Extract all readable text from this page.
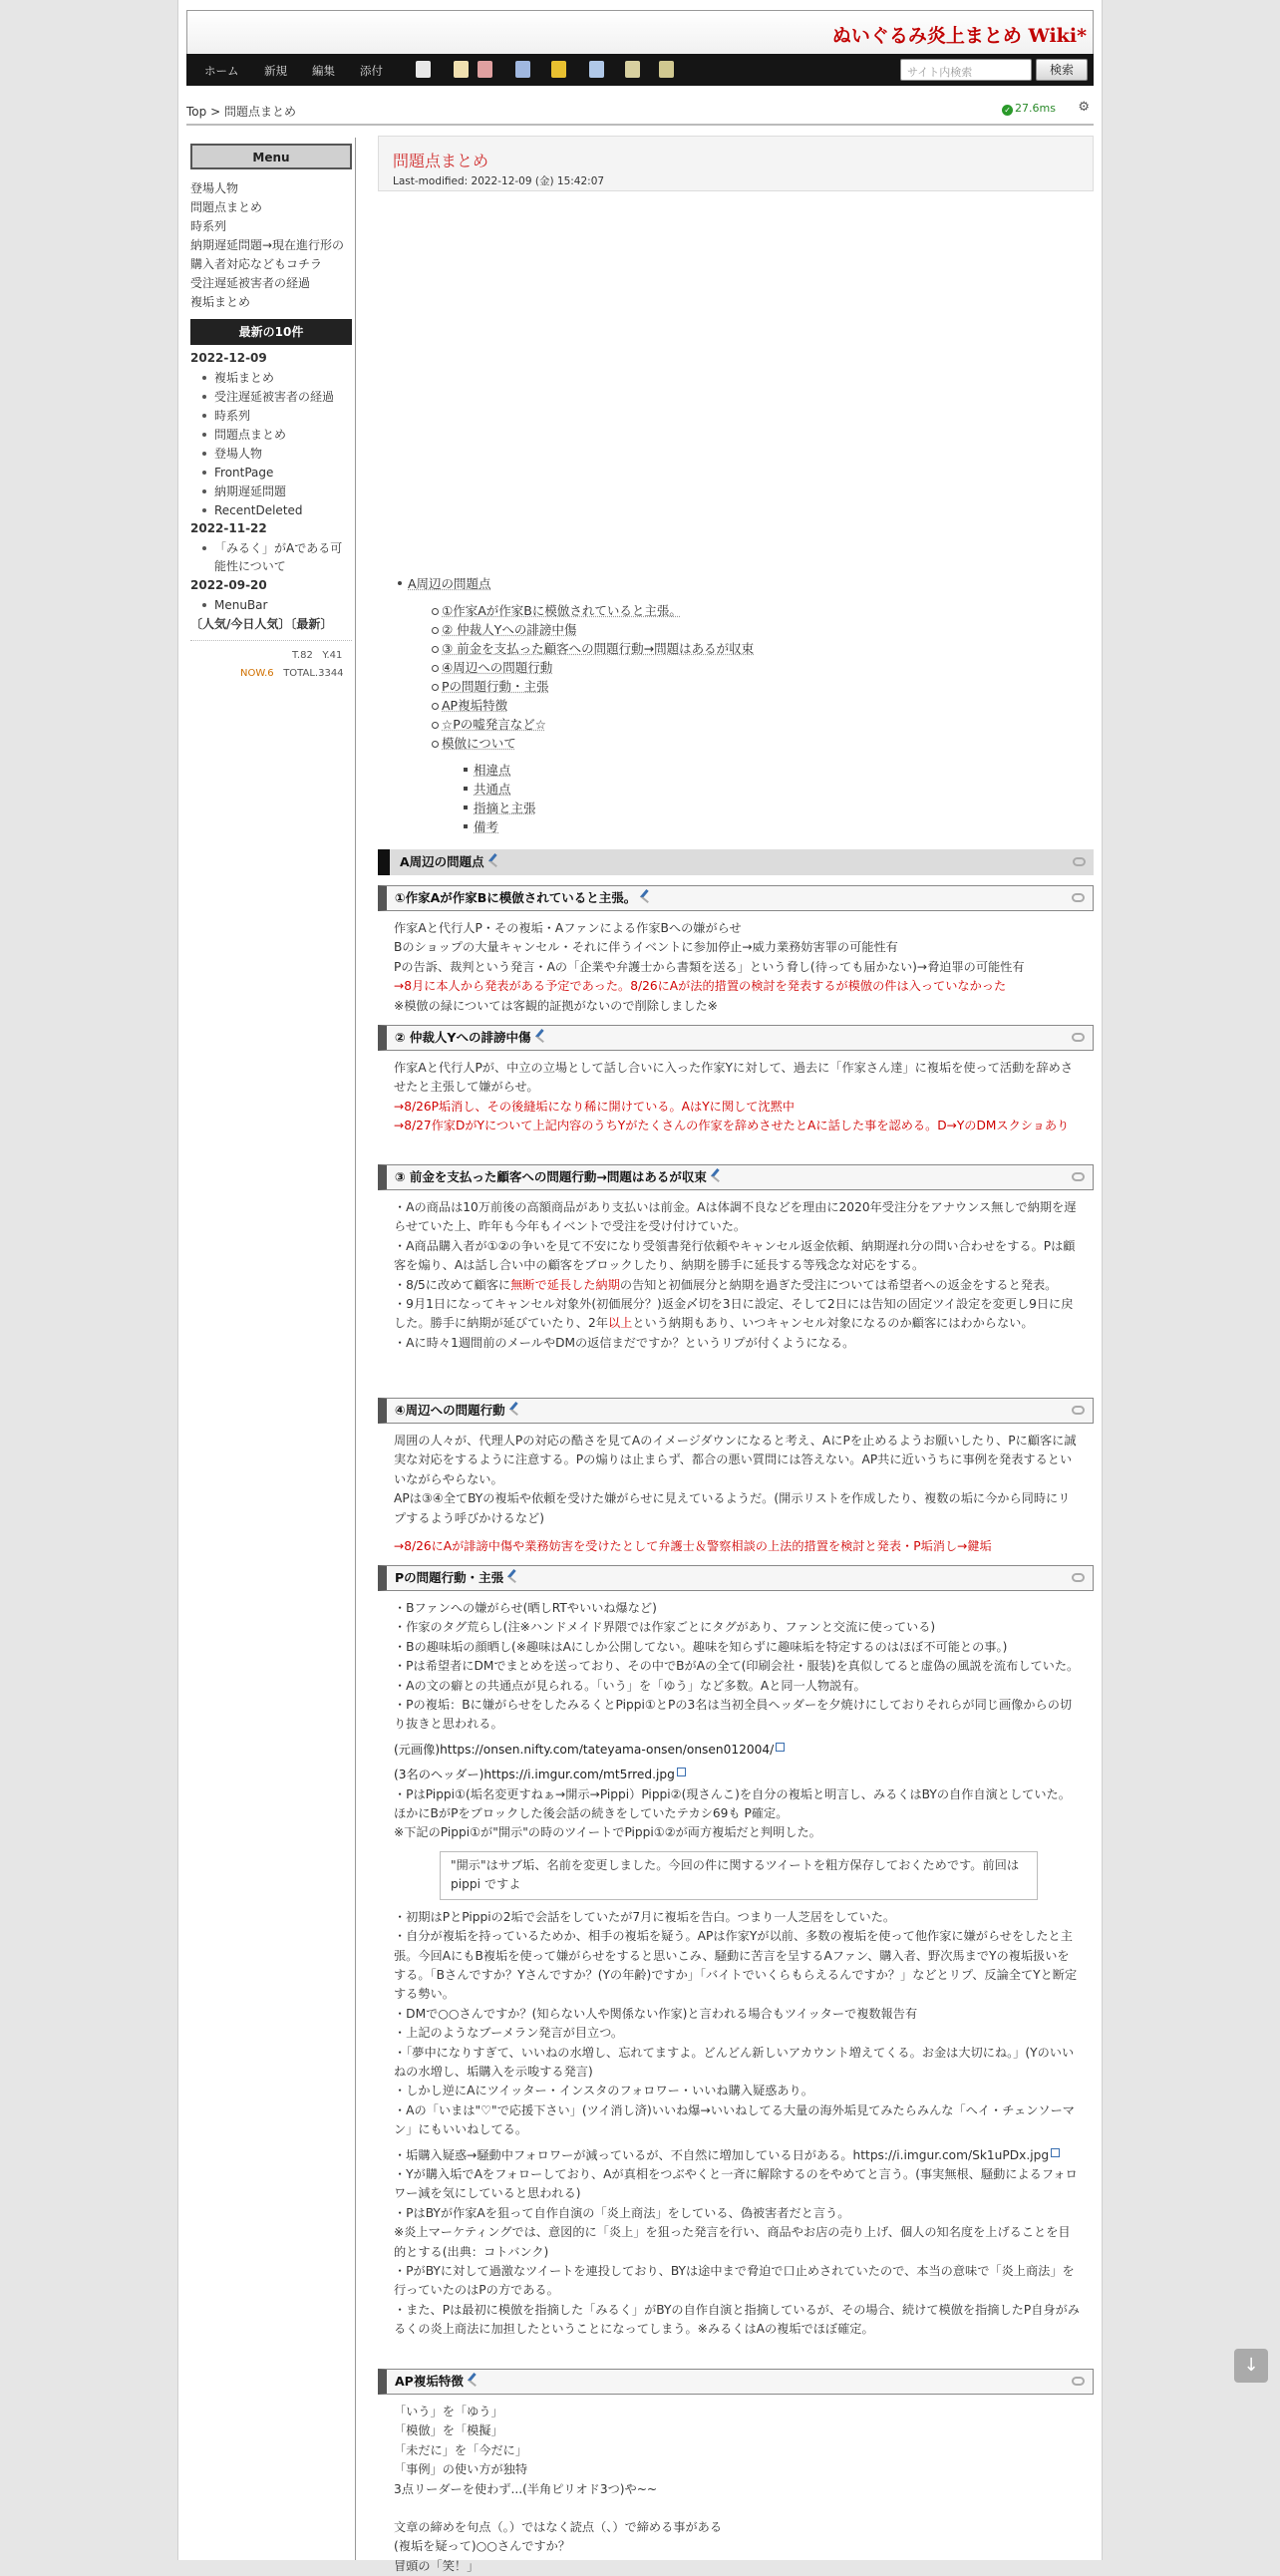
ぬいぐるみ炎上まとめ Wiki*
ホーム 新規 編集 添付	サイト内検索	検索
Top > 問題点まとめ	✓ 27.6ms ⚙
Menu
登場人物
問題点まとめ
時系列
納期遅延問題→現在進行形の購入者対応などもコチラ
受注遅延被害者の経過
複垢まとめ
最新の10件
2022-12-09
複垢まとめ
受注遅延被害者の経過
時系列
問題点まとめ
登場人物
FrontPage
納期遅延問題
RecentDeleted
2022-11-22
「みるく」がAである可能性について
2022-09-20
MenuBar
〔人気/今日人気〕〔最新〕
T.82 Y.41
NOW.6 TOTAL.3344
問題点まとめ
Last-modified: 2022-12-09 (金) 15:42:07
A周辺の問題点
①作家Aが作家Bに模倣されていると主張。
② 仲裁人Yへの誹謗中傷
③ 前金を支払った顧客への問題行動→問題はあるが収束
④周辺への問題行動
Pの問題行動・主張
AP複垢特徴
☆Pの嘘発言など☆
模倣について
相違点
共通点
指摘と主張
備考
A周辺の問題点
①作家Aが作家Bに模倣されていると主張。

作家Aと代行人P・その複垢・Aファンによる作家Bへの嫌がらせ

Bのショップの大量キャンセル・それに伴うイベントに参加停止→威力業務妨害罪の可能性有

Pの告訴、裁判という発言・Aの「企業や弁護士から書類を送る」という脅し(待っても届かない)→脅迫罪の可能性有

→8月に本人から発表がある予定であった。8/26にAが法的措置の検討を発表するが模倣の件は入っていなかった

※模倣の緑については客観的証拠がないので削除しました※

② 仲裁人Yへの誹謗中傷

作家Aと代行人Pが、中立の立場として話し合いに入った作家Yに対して、過去に「作家さん達」に複垢を使って活動を辞めさせたと主張して嫌がらせ。

→8/26P垢消し、その後縫垢になり稀に開けている。AはYに関して沈黙中

→8/27作家DがYについて上記内容のうちYがたくさんの作家を辞めさせたとAに話した事を認める。D→YのDMスクショあり

③ 前金を支払った顧客への問題行動→問題はあるが収束

・Aの商品は10万前後の高額商品があり支払いは前金。Aは体調不良などを理由に2020年受注分をアナウンス無しで納期を遅らせていた上、昨年も今年もイベントで受注を受け付けていた。

・A商品購入者が①②の争いを見て不安になり受領書発行依頼やキャンセル返金依頼、納期遅れ分の問い合わせをする。Pは顧客を煽り、Aは話し合い中の顧客をブロックしたり、納期を勝手に延長する等残念な対応をする。

・8/5に改めて顧客に無断で延長した納期の告知と初価展分と納期を過ぎた受注については希望者への返金をすると発表。

・9月1日になってキャンセル対象外(初価展分？)返金〆切を3日に設定、そして2日には告知の固定ツイ設定を変更し9日に戻した。勝手に納期が延びていたり、2年以上という納期もあり、いつキャンセル対象になるのか顧客にはわからない。

・Aに時々1週間前のメールやDMの返信まだですか？というリプが付くようになる。

④周辺への問題行動

周囲の人々が、代理人Pの対応の酷さを見てAのイメージダウンになると考え、AにPを止めるようお願いしたり、Pに顧客に誠実な対応をするように注意する。Pの煽りは止まらず、都合の悪い質問には答えない。AP共に近いうちに事例を発表するといいながらやらない。

APは③④全てBYの複垢や依頼を受けた嫌がらせに見えているようだ。(開示リストを作成したり、複数の垢に今から同時にリプするよう呼びかけるなど)

→8/26にAが誹謗中傷や業務妨害を受けたとして弁護士＆警察相談の上法的措置を検討と発表・P垢消し→鍵垢

Pの問題行動・主張

・Bファンへの嫌がらせ(晒しRTやいいね爆など)

・作家のタグ荒らし(注※ハンドメイド界隈では作家ごとにタグがあり、ファンと交流に使っている)

・Bの趣味垢の顔晒し(※趣味はAにしか公開してない。趣味を知らずに趣味垢を特定するのはほぼ不可能との事。)

・Pは希望者にDMでまとめを送っており、その中でBがAの全て(印刷会社・服装)を真似してると虚偽の風説を流布していた。

・Aの文の癖との共通点が見られる。「いう」を「ゆう」など多数。Aと同一人物説有。

・Pの複垢：Bに嫌がらせをしたみるくとPippi①とPの3名は当初全員ヘッダーを夕焼けにしておりそれらが同じ画像からの切り抜きと思われる。

(元画像)https://onsen.nifty.com/tateyama-onsen/onsen012004/

(3名のヘッダー)https://i.imgur.com/mt5rred.jpg

・PはPippi①(垢名変更すねぁ→開示→Pippi）Pippi②(現さんこ)を自分の複垢と明言し、みるくはBYの自作自演としていた。ほかにBがPをブロックした後会話の続きをしていたテカシ69も P確定。

※下記のPippi①が"開示"の時のツイートでPippi①②が両方複垢だと判明した。

"開示"はサブ垢、名前を変更しました。今回の件に関するツイートを粗方保存しておくためです。前回はpippi ですよ

・初期はPとPippiの2垢で会話をしていたが7月に複垢を告白。つまり一人芝居をしていた。

・自分が複垢を持っているためか、相手の複垢を疑う。APは作家Yが以前、多数の複垢を使って他作家に嫌がらせをしたと主張。今回AにもB複垢を使って嫌がらせをすると思いこみ、騒動に苦言を呈するAファン、購入者、野次馬までYの複垢扱いをする。「Bさんですか？Yさんですか？(Yの年齢)ですか」「バイトでいくらもらえるんですか？」などとリプ、反論全てYと断定する勢い。

・DMで○○さんですか？(知らない人や関係ない作家)と言われる場合もツイッターで複数報告有

・上記のようなブーメラン発言が目立つ。

・「夢中になりすぎて、いいねの水増し、忘れてますよ。どんどん新しいアカウント増えてくる。お金は大切にね。」(Yのいいねの水増し、垢購入を示唆する発言)

・しかし逆にAにツイッター・インスタのフォロワー・いいね購入疑惑あり。

・Aの「いまは"♡"で応援下さい」(ツイ消し済)いいね爆→いいねしてる大量の海外垢見てみたらみんな「ヘイ・チェンソーマン」にもいいねしてる。

・垢購入疑惑→騒動中フォロワーが減っているが、不自然に増加している日がある。https://i.imgur.com/Sk1uPDx.jpg

・Yが購入垢でAをフォローしており、Aが真相をつぶやくと一斉に解除するのをやめてと言う。(事実無根、騒動によるフォロワー減を気にしていると思われる)

・PはBYが作家Aを狙って自作自演の「炎上商法」をしている、偽被害者だと言う。

※炎上マーケティングでは、意図的に「炎上」を狙った発言を行い、商品やお店の売り上げ、個人の知名度を上げることを目的とする(出典：コトバンク)

・PがBYに対して過激なツイートを連投しており、BYは途中まで脅迫で口止めされていたので、本当の意味で「炎上商法」を行っていたのはPの方である。

・また、Pは最初に模倣を指摘した「みるく」がBYの自作自演と指摘しているが、その場合、続けて模倣を指摘したP自身がみるくの炎上商法に加担したということになってしまう。※みるくはAの複垢でほぼ確定。

AP複垢特徴

「いう」を「ゆう」

「模倣」を「模擬」

「未だに」を「今だに」

「事例」の使い方が独特

3点リーダーを使わず...(半角ピリオド3つ)や~~

文章の締めを句点（。）ではなく読点（、）で締める事がある

(複垢を疑って)○○さんですか？

冒頭の「笑！」

↓
